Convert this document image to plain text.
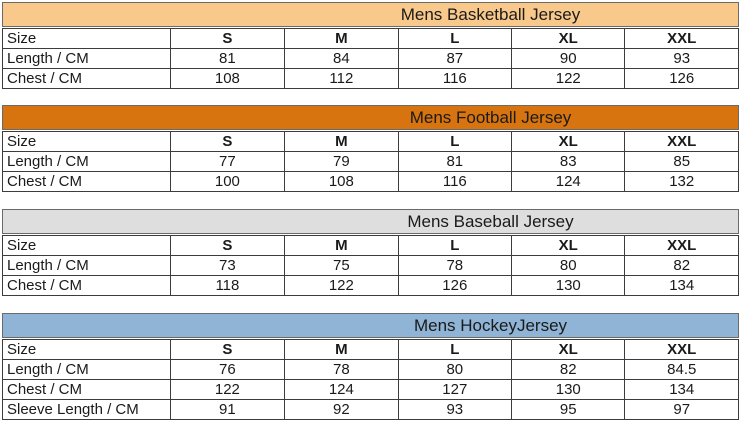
Mens Basketball Jersey
Size	S	M	L	XL	XXL
Length / CM	81	84	87	90	93
Chest / CM	108	112	116	122	126
Mens Football Jersey
Size	S	M	L	XL	XXL
Length / CM	77	79	81	83	85
Chest / CM	100	108	116	124	132
Mens Baseball Jersey
Size	S	M	L	XL	XXL
Length / CM	73	75	78	80	82
Chest / CM	118	122	126	130	134
Mens HockeyJersey
Size	S	M	L	XL	XXL
Length / CM	76	78	80	82	84.5
Chest / CM	122	124	127	130	134
Sleeve Length / CM	91	92	93	95	97
